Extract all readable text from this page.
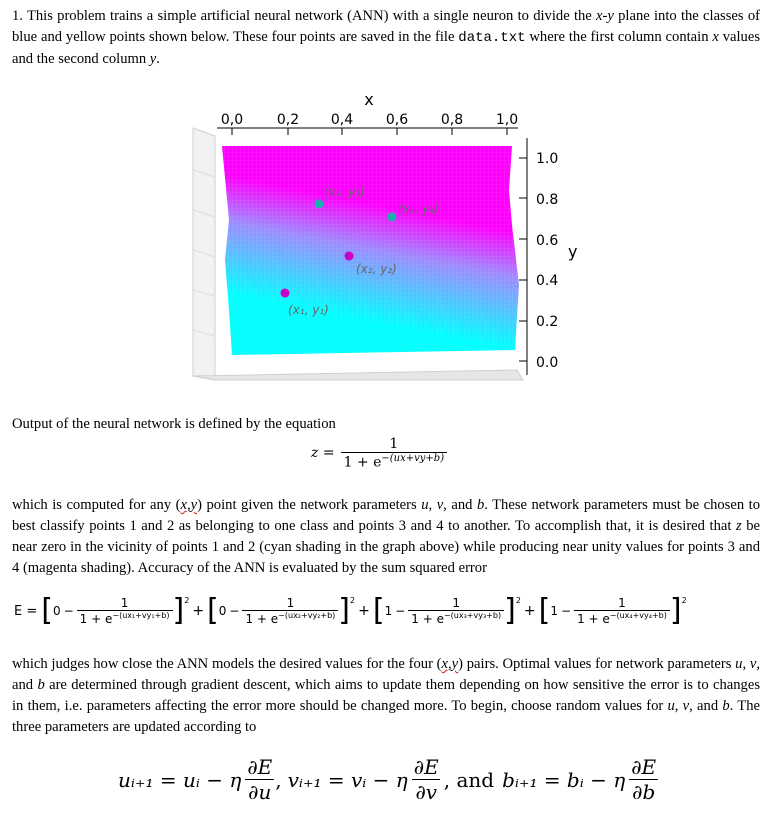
1. This problem trains a simple artificial neural network (ANN) with a single neuron to divide the x-y plane into the classes of blue and yellow points shown below. These four points are saved in the file data.txt where the first column contain x values and the second column y.
x
0,0 0,2 0,4 0,6 0,8 1,0
1.0
0.8
0.6
0.4
0.2
0.0
y
(x₁, y₁)
(x₂, y₂)
(x₃, y₃)
(x₄, y₄)
Output of the neural network is defined by the equation
$z = \frac{1}{1 + e^{-(ux+vy+b)}}$
which is computed for any (x,y) point given the network parameters u, v, and b. These network parameters must be chosen to best classify points 1 and 2 as belonging to one class and points 3 and 4 to another. To accomplish that, it is desired that z be near zero in the vicinity of points 1 and 2 (cyan shading in the graph above) while producing near unity values for points 3 and 4 (magenta shading). Accuracy of the ANN is evaluated by the sum squared error
E = [ $0 - \frac{1}{1 + e^{-(ux_1+vy_1+b)}} ]^2$
+ [ $0 - \frac{1}{1 + e^{-(ux_2+vy_2+b)}} ]^2$
+ [ $1 - \frac{1}{1 + e^{-(ux_3+vy_3+b)}} ]^2$
+ [ $1 - \frac{1}{1 + e^{-(ux_4+vy_4+b)}} ]^2$
which judges how close the ANN models the desired values for the four (x,y) pairs. Optimal values for network parameters u, v, and b are determined through gradient descent, which aims to update them depending on how sensitive the error is to changes in them, i.e. parameters affecting the error more should be changed more. To begin, choose random values for u, v, and b. The three parameters are updated according to
uᵢ₊₁ = uᵢ − η $\frac{\partial E}{\partial u}$ , vᵢ₊₁ = vᵢ − η $\frac{\partial E}{\partial v}$ , and bᵢ₊₁ = bᵢ − η $\frac{\partial E}{\partial b}$
